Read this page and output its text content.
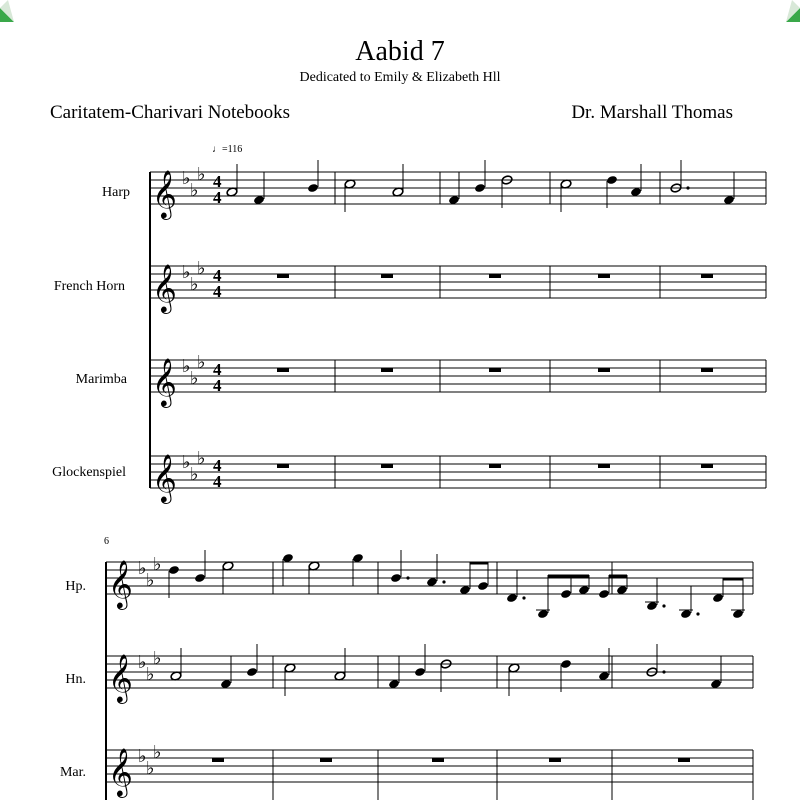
Aabid 7
Dedicated to Emily & Elizabeth Hll
Caritatem-Charivari Notebooks	Dr. Marshall Thomas
♩=116
𝄞 ♭
♭
♭ 4
4
Harp
𝄞 ♭
♭
♭ 4
4
French Horn
𝄞 ♭
♭
♭ 4
4
Marimba
𝄞 ♭
♭
♭ 4
4
Glockenspiel
6
𝄞 ♭
♭
♭
Hp.
𝄞 ♭
♭
♭
Hn.
𝄞 ♭
♭
♭
Mar.
